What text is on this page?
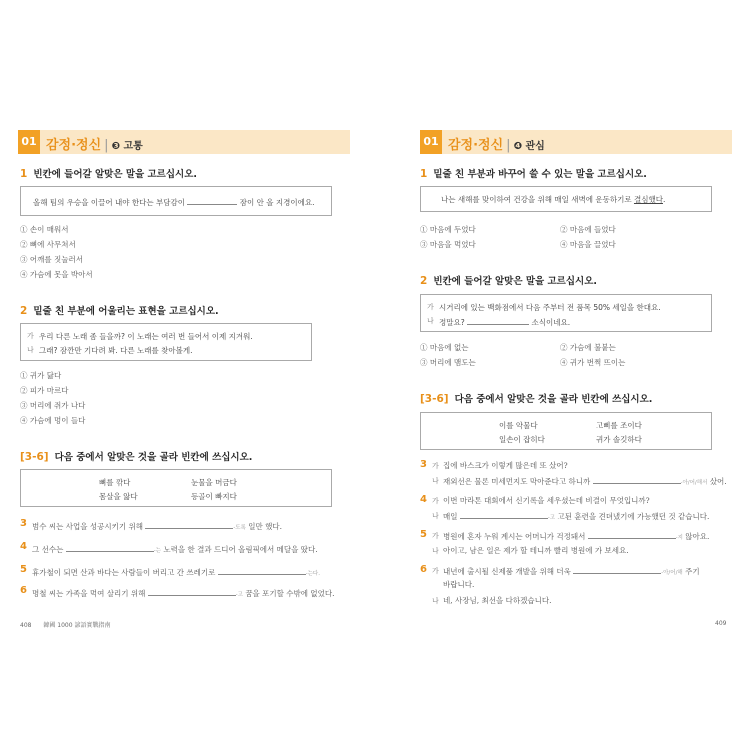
01 감정·정신 | ❸ 고통
1 빈칸에 들어갈 알맞은 말을 고르십시오.
올해 팀의 우승을 이끌어 내야 한다는 부담감이	잠이 안 올 지경이에요.
① 손이 매워서
② 뼈에 사무쳐서
③ 어깨를 짓눌러서
④ 가슴에 못을 박아서
2 밑줄 친 부분에 어울리는 표현을 고르십시오.
가 우리 다른 노래 좀 들을까? 이 노래는 여러 번 들어서 이제 지겨워.
나 그래? 잠깐만 기다려 봐. 다른 노래를 찾아볼게.
① 귀가 닳다
② 피가 마르다
③ 머리에 쥐가 나다
④ 가슴에 멍이 들다
[3-6] 다음 중에서 알맞은 것을 골라 빈칸에 쓰십시오.
뼈를 깎다	눈물을 머금다
몸살을 앓다	등골이 빠지다
3 범수 씨는 사업을 성공시키기 위해	-도록 일만 했다.
4 그 선수는	-는 노력을 한 결과 드디어 올림픽에서 메달을 땄다.
5 휴가철이 되면 산과 바다는 사람들이 버리고 간 쓰레기로	-는다.
6 명철 씨는 가족을 먹여 살리기 위해	-고 꿈을 포기할 수밖에 없었다.
408 韓國 1000 諺語實戰指南
01 감정·정신 | ❹ 관심
1 밑줄 친 부분과 바꾸어 쓸 수 있는 말을 고르십시오.
나는 새해를 맞이하여 건강을 위해 매일 새벽에 운동하기로 결심했다.
① 마음에 두었다	② 마음에 들었다
③ 마음을 먹었다	④ 마음을 끌었다
2 빈칸에 들어갈 알맞은 말을 고르십시오.
가 시거리에 있는 백화점에서 다음 주부터 전 품목 50% 세일을 한대요.
나 정말요?	소식이네요.
① 마음에 없는	② 가슴에 불붙는
③ 머리에 맴도는	④ 귀가 번쩍 뜨이는
[3-6] 다음 중에서 알맞은 것을 골라 빈칸에 쓰십시오.
이를 악물다	고삐를 조이다
일손이 잡히다	귀가 솔깃하다
3 가 집에 바스크가 이렇게 많은데 또 샀어?
나 재외선은 물론 미세먼지도 막아준다고 하니까	-아/어/해서 샀어.
4 가 이번 마라톤 대회에서 신기록을 세우셨는데 비결이 무엇입니까?
나 매일	-고 고된 훈련을 견뎌냈기에 가능했던 것 같습니다.
5 가 병원에 혼자 누워 계시는 어머니가 걱정돼서	-지 않아요.
나 아이고, 남은 일은 제가 할 테니까 빨리 병원에 가 보세요.
6 가 내년에 출시될 신제품 개발을 위해 더욱	-아/어/해 주기
바랍니다.
나 네, 사장님, 최선을 다하겠습니다.
409
